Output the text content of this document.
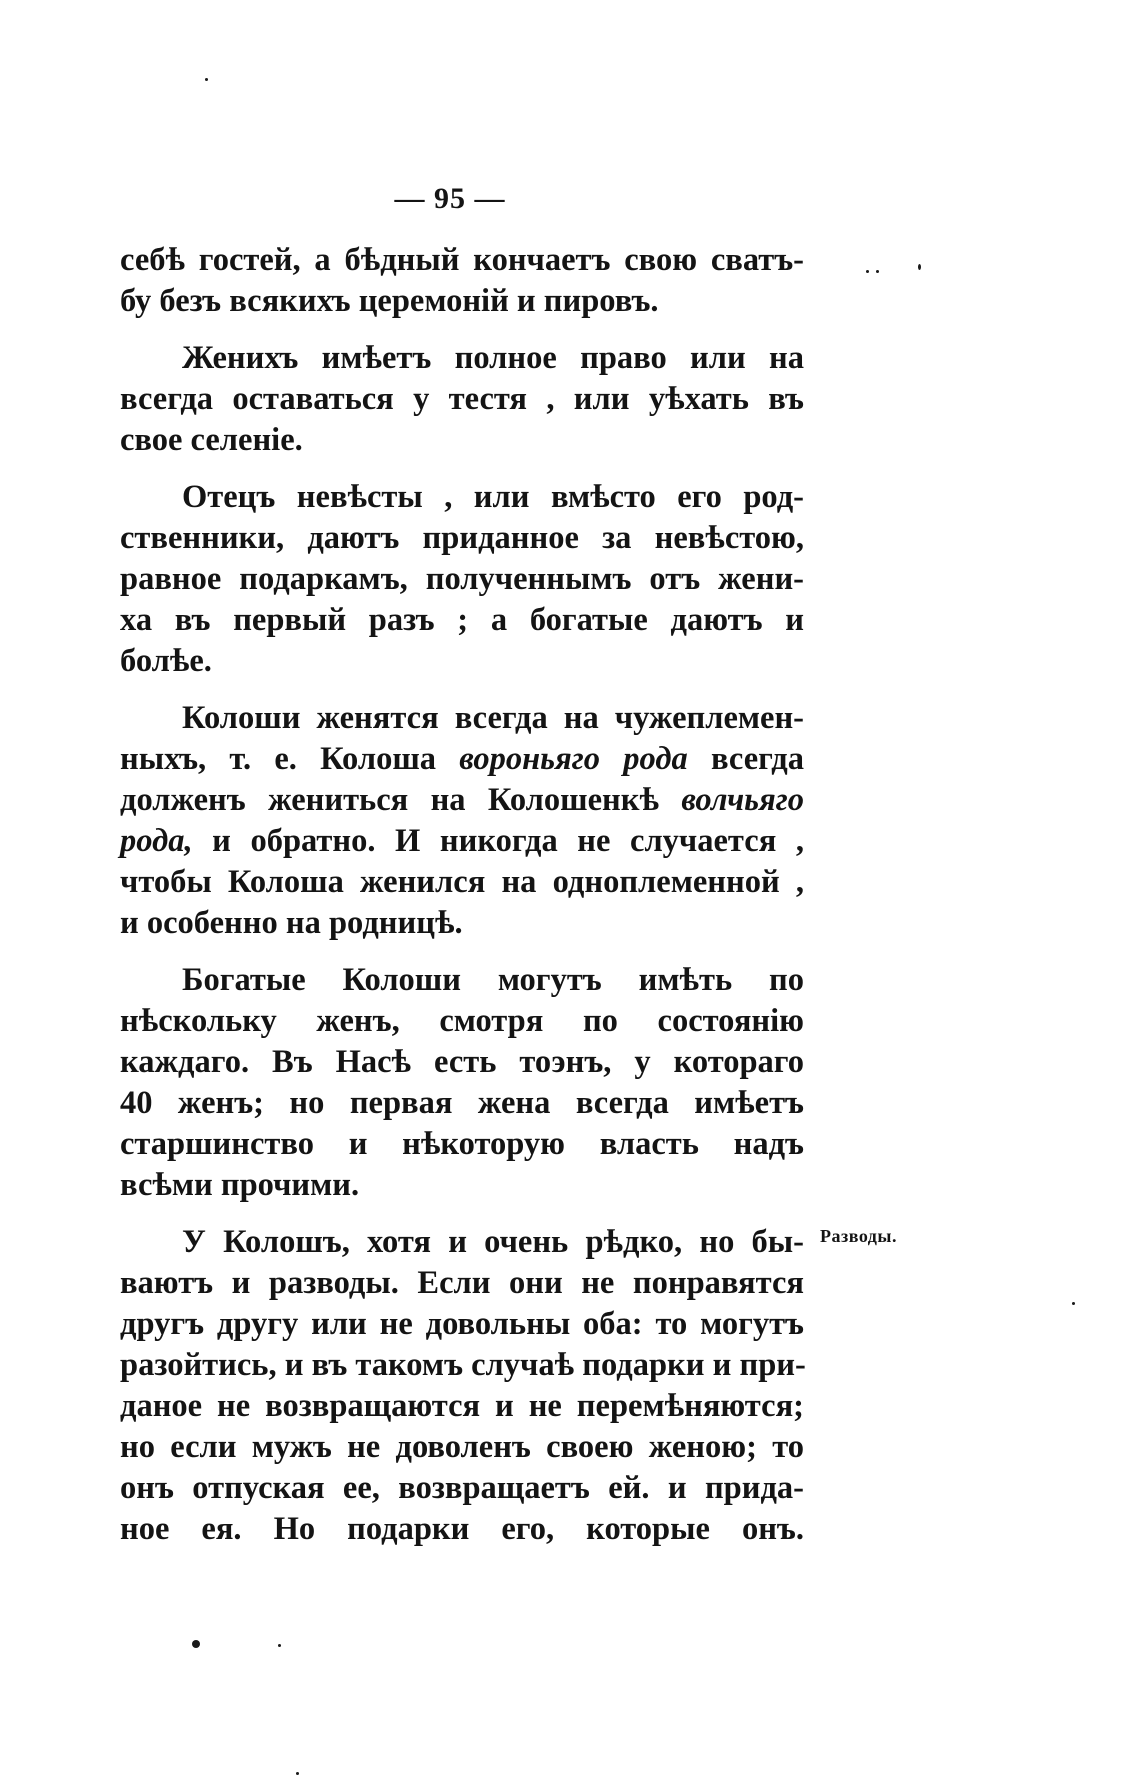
— 95 —
себѣ гостей, а бѣдный кончаетъ свою сватъ-
бу безъ всякихъ церемоній и пировъ.
Женихъ имѣетъ полное право или на
всегда оставаться у тестя , или уѣхать въ
свое селеніе.
Отецъ невѣсты , или вмѣсто его род-
ственники, даютъ приданное за невѣстою,
равное подаркамъ, полученнымъ отъ жени-
ха въ первый разъ ; а богатые даютъ и
болѣе.
Колоши женятся всегда на чужеплемен-
ныхъ, т. е. Колоша вороньяго рода всегда
долженъ жениться на Колошенкѣ волчьяго
рода, и обратно. И никогда не случается ,
чтобы Колоша женился на одноплеменной ,
и особенно на родницѣ.
Богатые Колоши могутъ имѣть по
нѣскольку женъ, смотря по состоянію
каждаго. Въ Насѣ есть тоэнъ, у котораго
40 женъ; но первая жена всегда имѣетъ
старшинство и нѣкоторую власть надъ
всѣми прочими.
У Колошъ, хотя и очень рѣдко, но бы-
ваютъ и разводы. Если они не понравятся
другъ другу или не довольны оба: то могутъ
разойтись, и въ такомъ случаѣ подарки и при-
даное не возвращаются и не перемѣняются;
но если мужъ не доволенъ своею женою; то
онъ отпуская ее, возвращаетъ ей. и прида-
ное ея. Но подарки его, которые онъ.
Разводы.
